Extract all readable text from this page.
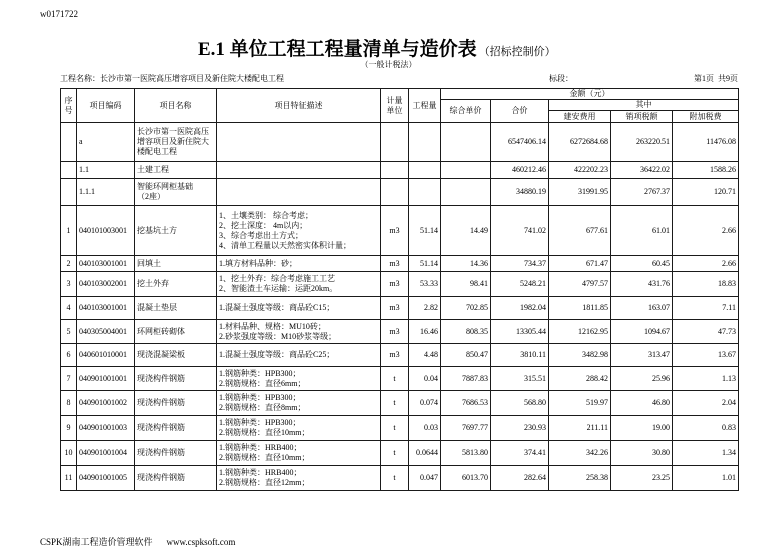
w0171722
E.1 单位工程工程量清单与造价表 （招标控制价）
（一般计税法）
工程名称：长沙市第一医院高压增容项目及新住院大楼配电工程	标段：	第1页  共9页
序
号	项目编码	项目名称	项目特征描述	计量
单位	工程量	金额（元）				
						综合单价	合价	其中		
								建安费用	销项税额	附加税费
	a	长沙市第一医院高压
增容项目及新住院大
楼配电工程					6547406.14	6272684.68	263220.51	11476.08
	1.1	土建工程					460212.46	422202.23	36422.02	1588.26
	1.1.1	智能环网柜基础
（2座）					34880.19	31991.95	2767.37	120.71
1	040101003001	挖基坑土方	1、土壤类别： 综合考虑；
2、挖土深度： 4m以内；
3、综合考虑出土方式；
4、清单工程量以天然密实体积计量；	m3	51.14	14.49	741.02	677.61	61.01	2.66
2	040103001001	回填土	1.填方材料品种：砂；	m3	51.14	14.36	734.37	671.47	60.45	2.66
3	040103002001	挖土外弃	1、挖土外弃：综合考虑施工工艺
2、智能渣土车运输：运距20km。	m3	53.33	98.41	5248.21	4797.57	431.76	18.83
4	040103001001	混凝土垫层	1.混凝土强度等级：商品砼C15；	m3	2.82	702.85	1982.04	1811.85	163.07	7.11
5	040305004001	环网柜砖砌体	1.材料品种、规格：MU10砖；
2.砂浆强度等级：M10砂浆等级；	m3	16.46	808.35	13305.44	12162.95	1094.67	47.73
6	040601010001	现浇混凝梁板	1.混凝土强度等级：商品砼C25；	m3	4.48	850.47	3810.11	3482.98	313.47	13.67
7	040901001001	现浇构件钢筋	1.钢筋种类：HPB300；
2.钢筋规格：直径6mm；	t	0.04	7887.83	315.51	288.42	25.96	1.13
8	040901001002	现浇构件钢筋	1.钢筋种类：HPB300；
2.钢筋规格：直径8mm；	t	0.074	7686.53	568.80	519.97	46.80	2.04
9	040901001003	现浇构件钢筋	1.钢筋种类：HPB300；
2.钢筋规格：直径10mm；	t	0.03	7697.77	230.93	211.11	19.00	0.83
10	040901001004	现浇构件钢筋	1.钢筋种类：HRB400；
2.钢筋规格：直径10mm；	t	0.0644	5813.80	374.41	342.26	30.80	1.34
11	040901001005	现浇构件钢筋	1.钢筋种类：HRB400；
2.钢筋规格：直径12mm；	t	0.047	6013.70	282.64	258.38	23.25	1.01
CSPK湖南工程造价管理软件 www.cspksoft.com
